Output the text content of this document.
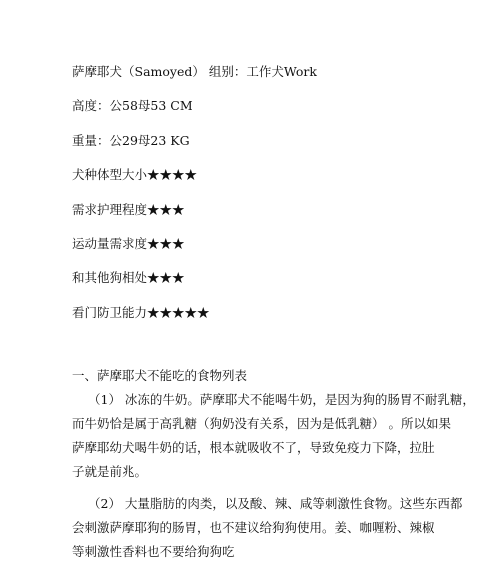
萨摩耶犬（Samoyed） 组别：工作犬Work
高度：公58母53 CM
重量：公29母23 KG
犬种体型大小★★★★
需求护理程度★★★
运动量需求度★★★
和其他狗相处★★★
看门防卫能力★★★★★
一、萨摩耶犬不能吃的食物列表
（1） 冰冻的牛奶。萨摩耶犬不能喝牛奶，是因为狗的肠胃不耐乳糖，
而牛奶恰是属于高乳糖（狗奶没有关系，因为是低乳糖） 。所以如果
萨摩耶幼犬喝牛奶的话，根本就吸收不了，导致免疫力下降，拉肚
子就是前兆。
（2） 大量脂肪的肉类，以及酸、辣、咸等刺激性食物。这些东西都
会刺激萨摩耶狗的肠胃，也不建议给狗狗使用。姜、咖喱粉、辣椒
等刺激性香料也不要给狗狗吃
